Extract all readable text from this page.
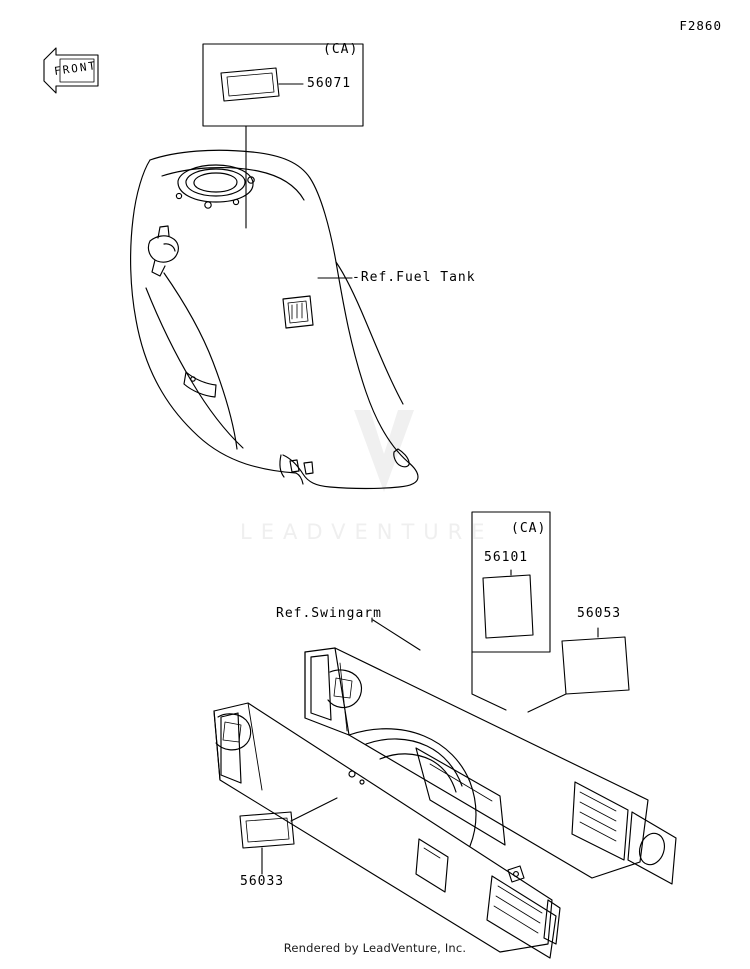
LEADVENTURE
F2860
FRONT
(CA)
56071
-Ref.Fuel Tank
(CA)
56101
56053
Ref.Swingarm
56033
Rendered by LeadVenture, Inc.
